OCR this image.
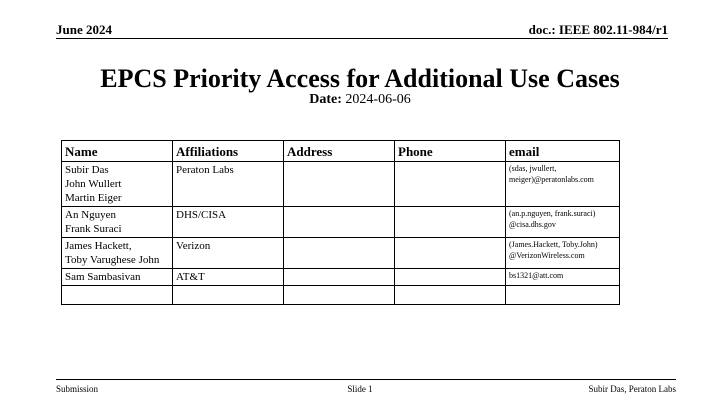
June 2024	doc.: IEEE 802.11-984/r1
EPCS Priority Access for Additional Use Cases
Date: 2024-06-06
Name	Affiliations	Address	Phone	email

Subir Das
John Wullert
Martin Eiger	Peraton Labs			(sdas, jwullert,
meiger)@peratonlabs.com

An Nguyen
Frank Suraci	DHS/CISA			(an.p.nguyen, frank.suraci)
@cisa.dhs.gov

James Hackett,
Toby Varughese John	Verizon			(James.Hackett, Toby.John)
@VerizonWireless.com

Sam Sambasivan	AT&T			bs1321@att.com

Submission	Slide 1	Subir Das, Peraton Labs
